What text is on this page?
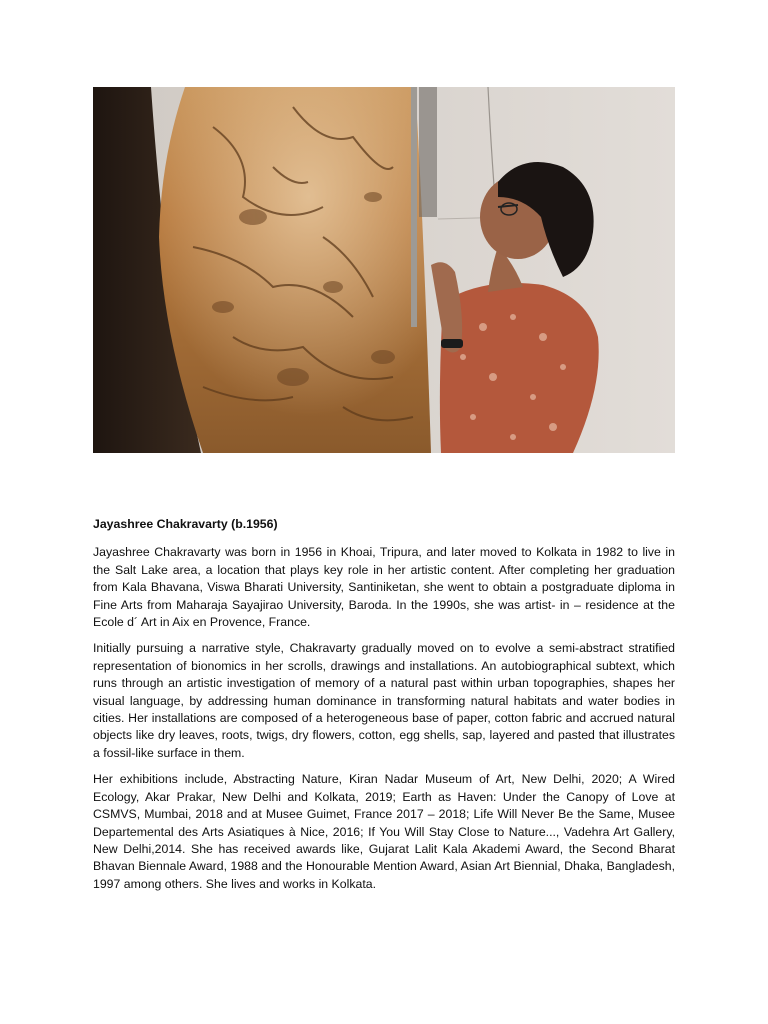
Jayashree Chakravarty (b.1956)

Jayashree Chakravarty was born in 1956 in Khoai, Tripura, and later moved to Kolkata in 1982 to live in the Salt Lake area, a location that plays key role in her artistic content. After completing her graduation from Kala Bhavana, Viswa Bharati University, Santiniketan, she went to obtain a postgraduate diploma in Fine Arts from Maharaja Sayajirao University, Baroda. In the 1990s, she was artist- in – residence at the Ecole d´ Art in Aix en Provence, France.

Initially pursuing a narrative style, Chakravarty gradually moved on to evolve a semi-abstract stratified representation of bionomics in her scrolls, drawings and installations. An autobiographical subtext, which runs through an artistic investigation of memory of a natural past within urban topographies, shapes her visual language, by addressing human dominance in transforming natural habitats and water bodies in cities. Her installations are composed of a heterogeneous base of paper, cotton fabric and accrued natural objects like dry leaves, roots, twigs, dry flowers, cotton, egg shells, sap, layered and pasted that illustrates a fossil-like surface in them.

Her exhibitions include, Abstracting Nature, Kiran Nadar Museum of Art, New Delhi, 2020; A Wired Ecology, Akar Prakar, New Delhi and Kolkata, 2019; Earth as Haven: Under the Canopy of Love at CSMVS, Mumbai, 2018 and at Musee Guimet, France 2017 – 2018; Life Will Never Be the Same, Musee Departemental des Arts Asiatiques à Nice, 2016; If You Will Stay Close to Nature..., Vadehra Art Gallery, New Delhi,2014. She has received awards like, Gujarat Lalit Kala Akademi Award, the Second Bharat Bhavan Biennale Award, 1988 and the Honourable Mention Award, Asian Art Biennial, Dhaka, Bangladesh, 1997 among others. She lives and works in Kolkata.
